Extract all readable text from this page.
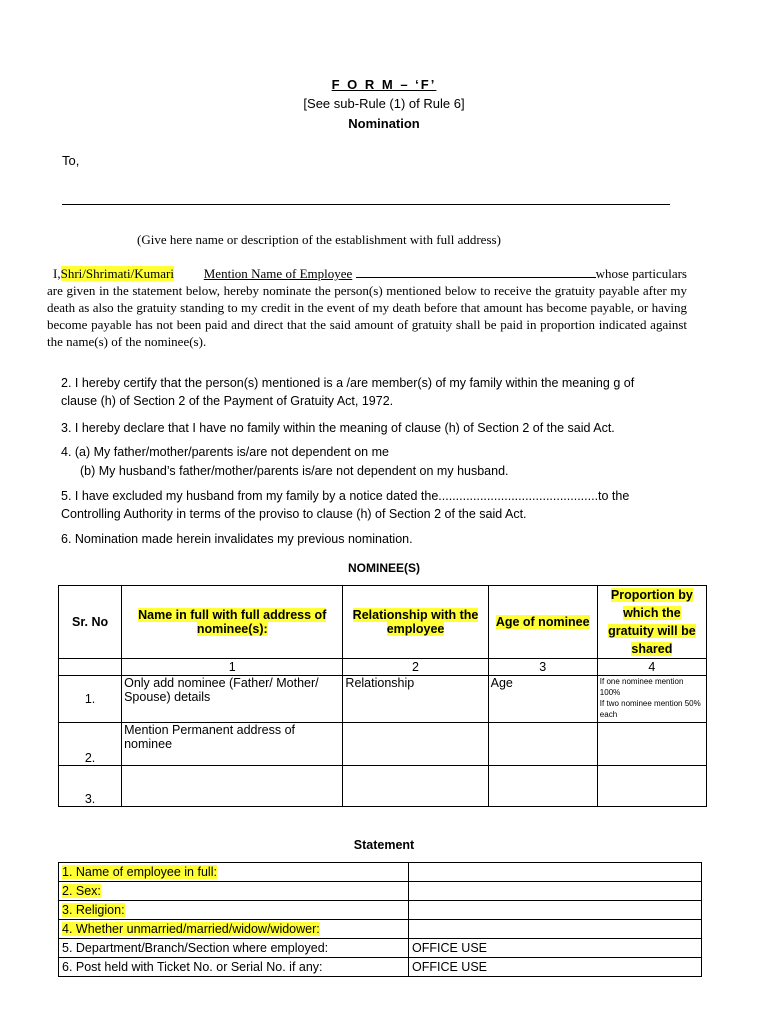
F O R M – ‘F’
[See sub-Rule (1) of Rule 6]
Nomination
To,
(Give here name or description of the establishment with full address)
I,Shri/Shrimati/Kumari Mention Name of Employee	whose particulars are given in the statement below, hereby nominate the person(s) mentioned below to receive the gratuity payable after my death as also the gratuity standing to my credit in the event of my death before that amount has become payable, or having become payable has not been paid and direct that the said amount of gratuity shall be paid in proportion indicated against the name(s) of the nominee(s).
2. I hereby certify that the person(s) mentioned is a /are member(s) of my family within the meaning g of clause (h) of Section 2 of the Payment of Gratuity Act, 1972.
3. I hereby declare that I have no family within the meaning of clause (h) of Section 2 of the said Act.
4. (a) My father/mother/parents is/are not dependent on me
(b) My husband’s father/mother/parents is/are not dependent on my husband.
5. I have excluded my husband from my family by a notice dated the..............................................to the Controlling Authority in terms of the proviso to clause (h) of Section 2 of the said Act.
6. Nomination made herein invalidates my previous nomination.
NOMINEE(S)
Sr. No	Name in full with full address of nominee(s):	Relationship with the employee	Age of nominee	Proportion by which the gratuity will be shared
	1	2	3	4
1.	Only add nominee (Father/ Mother/ Spouse) details	Relationship	Age	If one nominee mention 100%
If two nominee mention 50% each

2.	Mention Permanent address of nominee			
3.				
Statement
1. Name of employee in full:	
2. Sex:	
3. Religion:	
4. Whether unmarried/married/widow/widower:	
5. Department/Branch/Section where employed:	OFFICE USE
6. Post held with Ticket No. or Serial No. if any:	OFFICE USE
